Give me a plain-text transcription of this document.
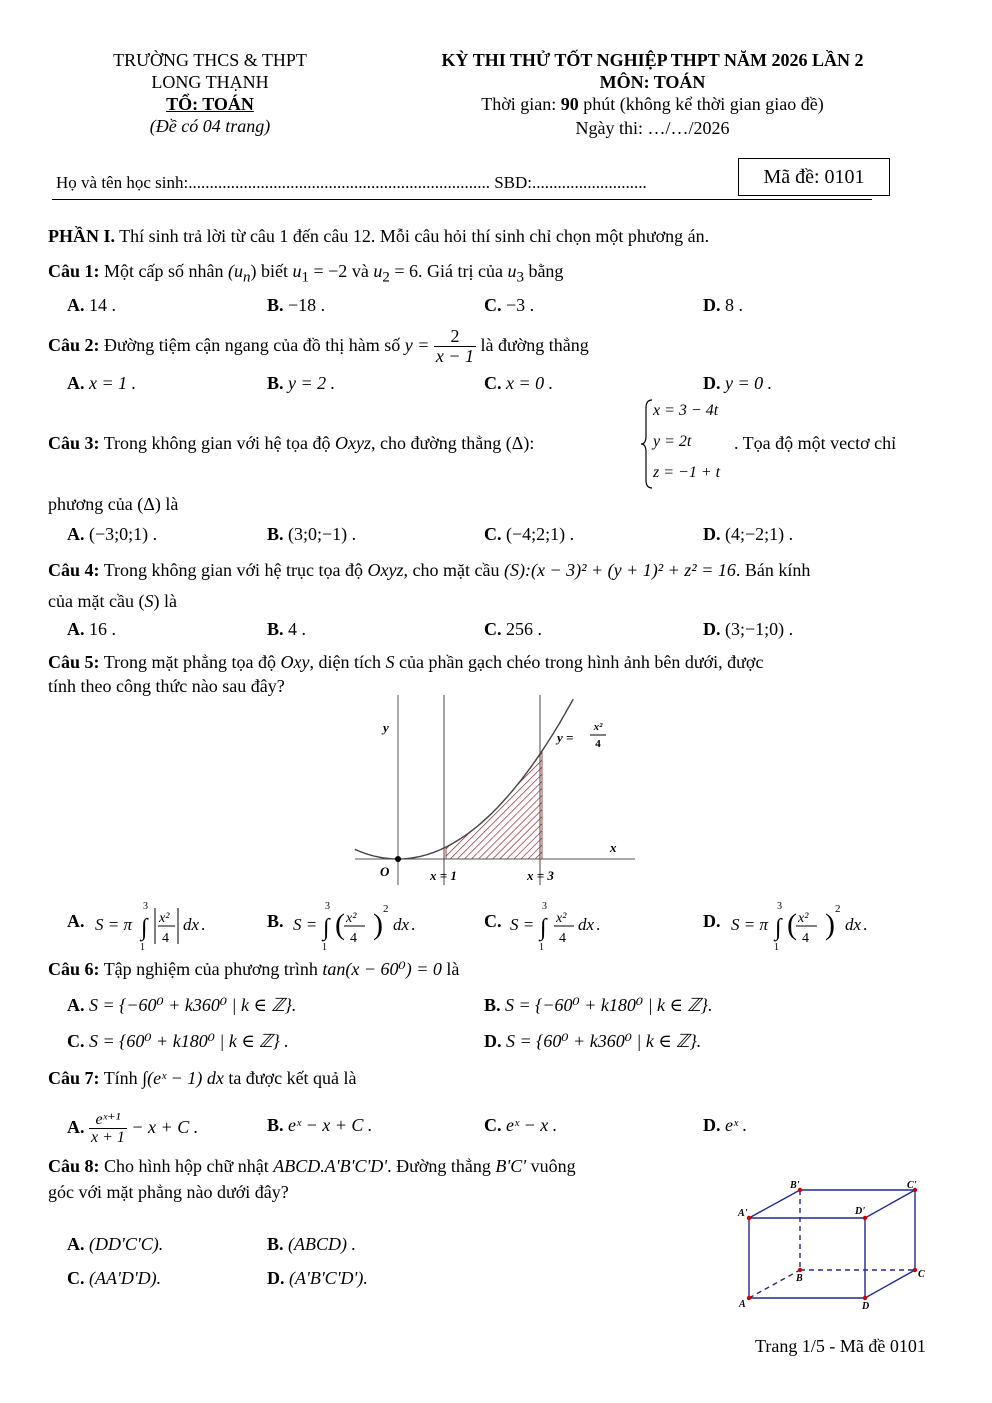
TRƯỜNG THCS & THPT
LONG THẠNH
TỔ: TOÁN
(Đề có 04 trang)
KỲ THI THỬ TỐT NGHIỆP THPT NĂM 2026 LẦN 2
MÔN: TOÁN
Thời gian: 90 phút (không kể thời gian giao đề)
Ngày thi: …/…/2026
Họ và tên học sinh:....................................................................... SBD:...........................	Mã đề: 0101
PHẦN I. Thí sinh trả lời từ câu 1 đến câu 12. Mỗi câu hỏi thí sinh chỉ chọn một phương án.
Câu 1: Một cấp số nhân $(u_n)$ biết $u_1 = -2$ và $u_2 = 6$. Giá trị của $u_3$ bằng
A. 14 .	B. −18 .	C. −3 .	D. 8 .
Câu 2: Đường tiệm cận ngang của đồ thị hàm số $y = \frac{2}{x - 1}$ là đường thẳng
A. x = 1 .	B. y = 2 .	C. x = 0 .	D. y = 0 .
Câu 3: Trong không gian với hệ tọa độ Oxyz, cho đường thẳng (Δ):
x = 3 − 4t
y = 2t
z = −1 + t
. Tọa độ một vectơ chỉ
phương của (Δ) là
A. (−3;0;1) .	B. (3;0;−1) .	C. (−4;2;1) .	D. (4;−2;1) .
Câu 4: Trong không gian với hệ trục tọa độ Oxyz, cho mặt cầu (S):(x − 3)² + (y + 1)² + z² = 16. Bán kính
của mặt cầu (S) là
A. 16 .	B. 4 .	C. 256 .	D. (3;−1;0) .
Câu 5: Trong mặt phẳng tọa độ Oxy, diện tích S của phần gạch chéo trong hình ảnh bên dưới, được
tính theo công thức nào sau đây?
y
x
O	x = 1	x = 3
y =
x²
4
A. S = π ∫
3
1
x²
4
dx .	B. S = ∫
3
1
( )
x²
4
2
dx .	C. S = ∫
3
1
x²
4
dx .	D. S = π ∫
3
1
( )
x²
4
2
dx .
Câu 6: Tập nghiệm của phương trình tan(x − 60⁰) = 0 là
A. S = {−60⁰ + k360⁰ | k ∈ ℤ}.	B. S = {−60⁰ + k180⁰ | k ∈ ℤ}.
C. S = {60⁰ + k180⁰ | k ∈ ℤ} .	D. S = {60⁰ + k360⁰ | k ∈ ℤ}.
Câu 7: Tính ∫(eˣ − 1) dx ta được kết quả là
A. $\frac{\text{eˣ⁺¹}}{x + 1} - x + C$ .	B. eˣ − x + C .	C. eˣ − x .	D. eˣ .
Câu 8: Cho hình hộp chữ nhật ABCD.A'B'C'D'. Đường thẳng B'C' vuông
góc với mặt phẳng nào dưới đây?
A. (DD'C'C).	B. (ABCD) .
C. (AA'D'D).	D. (A'B'C'D').
A'
B'	C'
D'
A
B	C
D
Trang 1/5 - Mã đề 0101
